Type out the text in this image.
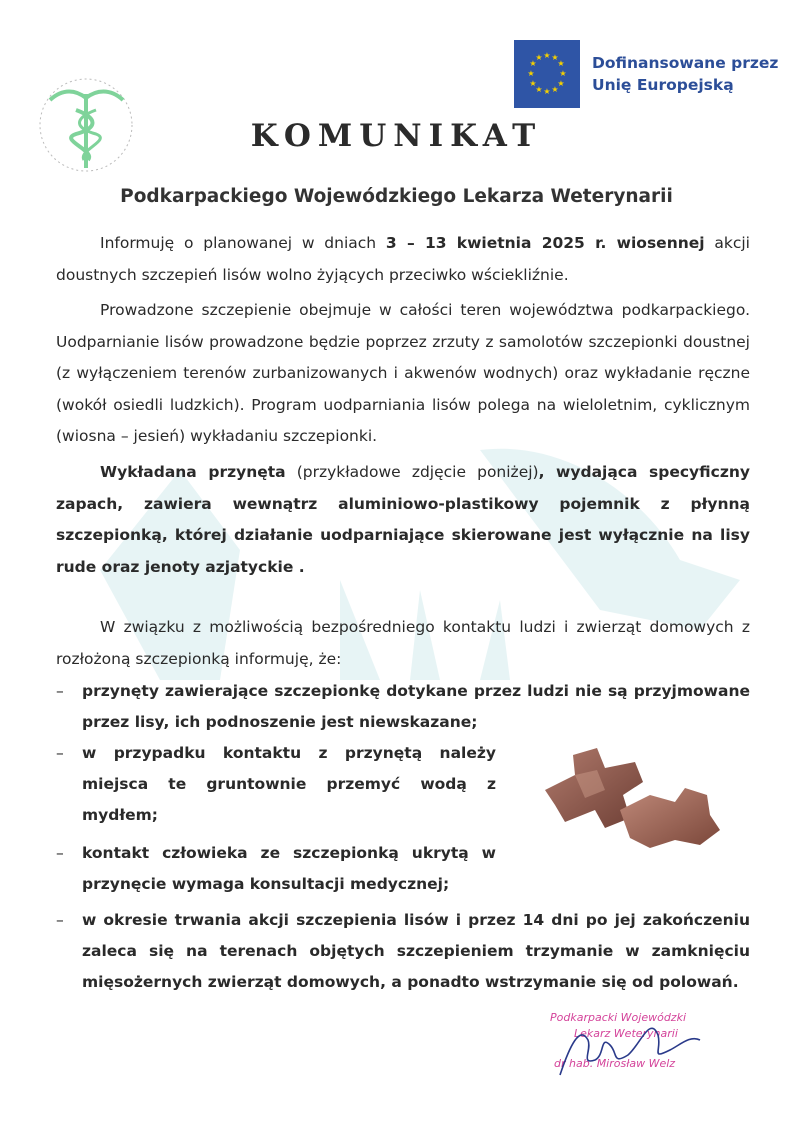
★ ★
★
★
★
★
★
★
★
★
★
★	Dofinansowane przez
Unię Europejską
KOMUNIKAT
Podkarpackiego Wojewódzkiego Lekarza Weterynarii
Informuję o planowanej w dniach 3 – 13 kwietnia 2025 r. wiosennej akcji doustnych szczepień lisów wolno żyjących przeciwko wściekliźnie.
Prowadzone szczepienie obejmuje w całości teren województwa podkarpackiego. Uodparnianie lisów prowadzone będzie poprzez zrzuty z samolotów szczepionki doustnej (z wyłączeniem terenów zurbanizowanych i akwenów wodnych) oraz wykładanie ręczne (wokół osiedli ludzkich). Program uodparniania lisów polega na wieloletnim, cyklicznym (wiosna – jesień) wykładaniu szczepionki.
Wykładana przynęta (przykładowe zdjęcie poniżej), wydająca specyficzny zapach, zawiera wewnątrz aluminiowo-plastikowy pojemnik z płynną szczepionką, której działanie uodparniające skierowane jest wyłącznie na lisy rude oraz jenoty azjatyckie .
W związku z możliwością bezpośredniego kontaktu ludzi i zwierząt domowych z rozłożoną szczepionką informuję, że:
– przynęty zawierające szczepionkę dotykane przez ludzi nie są przyjmowane przez lisy, ich podnoszenie jest niewskazane;
– w przypadku kontaktu z przynętą należy miejsca te gruntownie przemyć wodą z mydłem;
– kontakt człowieka ze szczepionką ukrytą w przynęcie wymaga konsultacji medycznej;
– w okresie trwania akcji szczepienia lisów i przez 14 dni po jej zakończeniu zaleca się na terenach objętych szczepieniem trzymanie w zamknięciu mięsożernych zwierząt domowych, a ponadto wstrzymanie się od polowań.
Podkarpacki Wojewódzki
Lekarz Weterynarii
dr hab. Mirosław Welz
